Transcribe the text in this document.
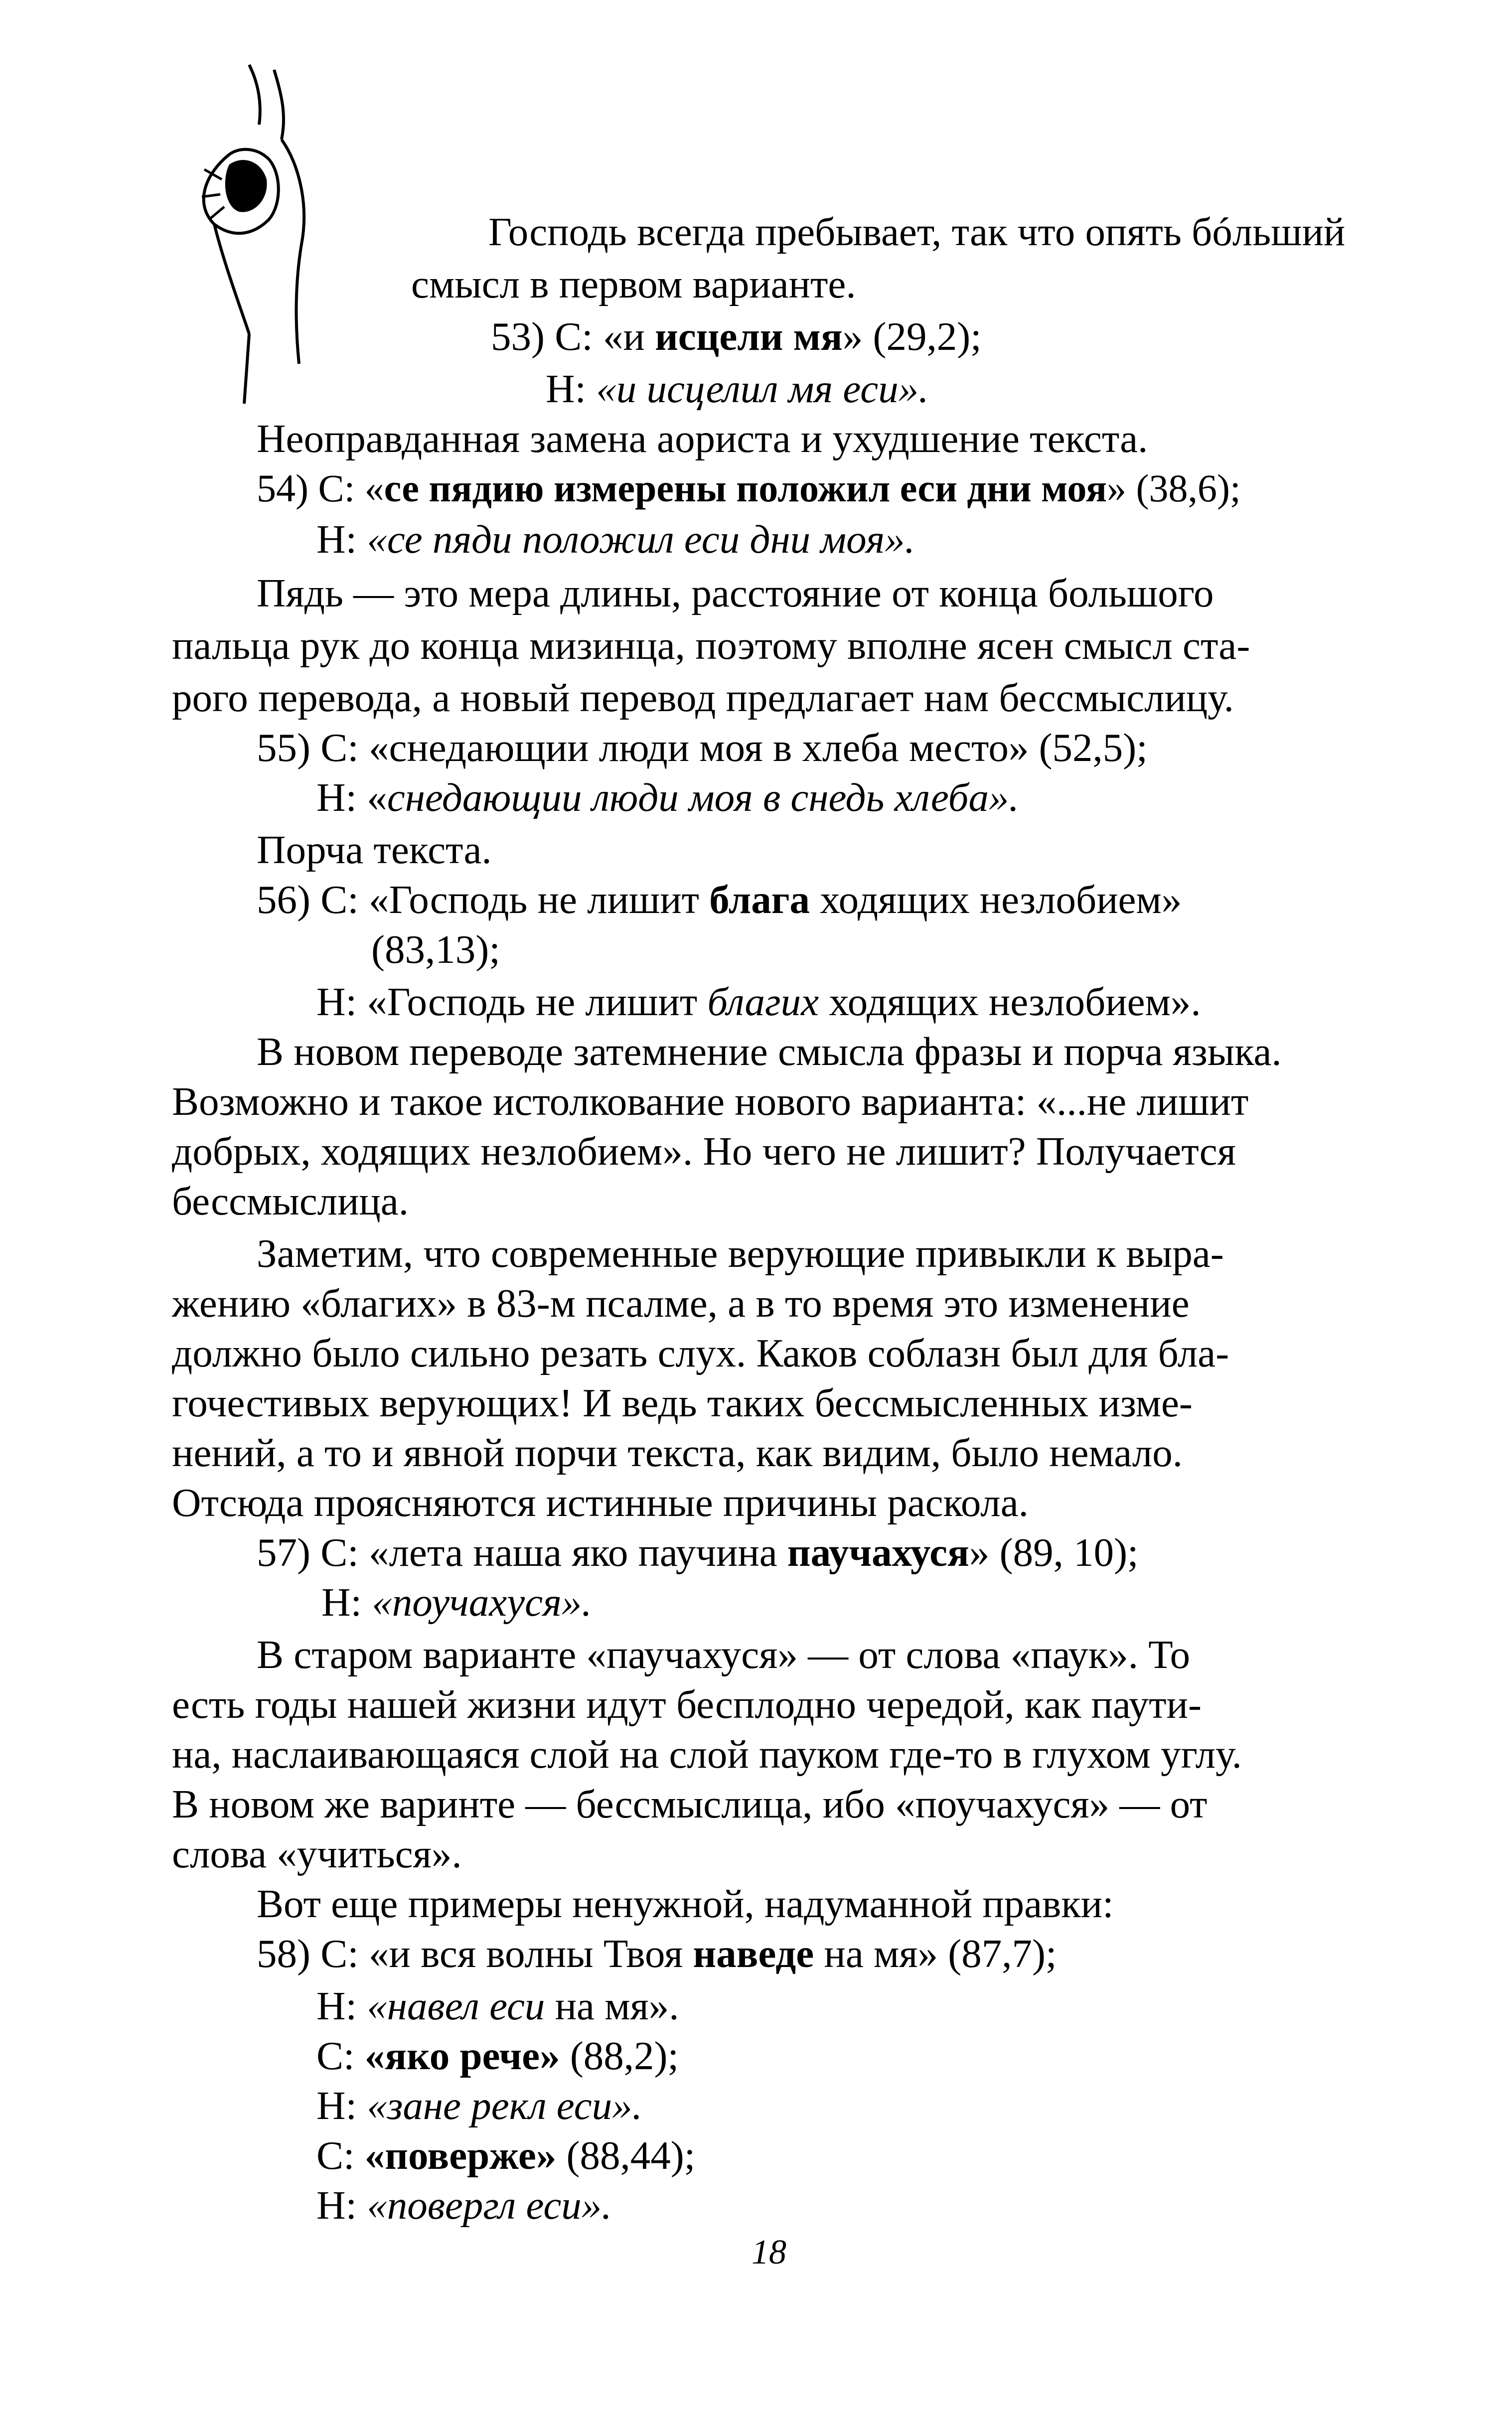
Господь всегда пребывает, так что опять бóльший
смысл в первом варианте.
53) С: «и исцели мя» (29,2);
Н: «и исцелил мя еси».
Неоправданная замена аориста и ухудшение текста.
54) С: «се пядию измерены положил еси дни моя» (38,6);
Н: «се пяди положил еси дни моя».
Пядь — это мера длины, расстояние от конца большого
пальца рук до конца мизинца, поэтому вполне ясен смысл ста-
рого перевода, а новый перевод предлагает нам бессмыслицу.
55) С: «снедающии люди моя в хлеба место» (52,5);
Н: «снедающии люди моя в снедь хлеба».
Порча текста.
56) С: «Господь не лишит блага ходящих незлобием»
(83,13);
Н: «Господь не лишит благих ходящих незлобием».
В новом переводе затемнение смысла фразы и порча языка.
Возможно и такое истолкование нового варианта: «...не лишит
добрых, ходящих незлобием». Но чего не лишит? Получается
бессмыслица.
Заметим, что современные верующие привыкли к выра-
жению «благих» в 83-м псалме, а в то время это изменение
должно было сильно резать слух. Каков соблазн был для бла-
гочестивых верующих! И ведь таких бессмысленных изме-
нений, а то и явной порчи текста, как видим, было немало.
Отсюда проясняются истинные причины раскола.
57) С: «лета наша яко паучина паучахуся» (89, 10);
Н: «поучахуся».
В старом варианте «паучахуся» — от слова «паук». То
есть годы нашей жизни идут бесплодно чередой, как паути-
на, наслаивающаяся слой на слой пауком где-то в глухом углу.
В новом же варинте — бессмыслица, ибо «поучахуся» — от
слова «учиться».
Вот еще примеры ненужной, надуманной правки:
58) С: «и вся волны Твоя наведе на мя» (87,7);
Н: «навел еси на мя».
С: «яко рече» (88,2);
Н: «зане рекл еси».
С: «поверже» (88,44);
Н: «повергл еси».
18
